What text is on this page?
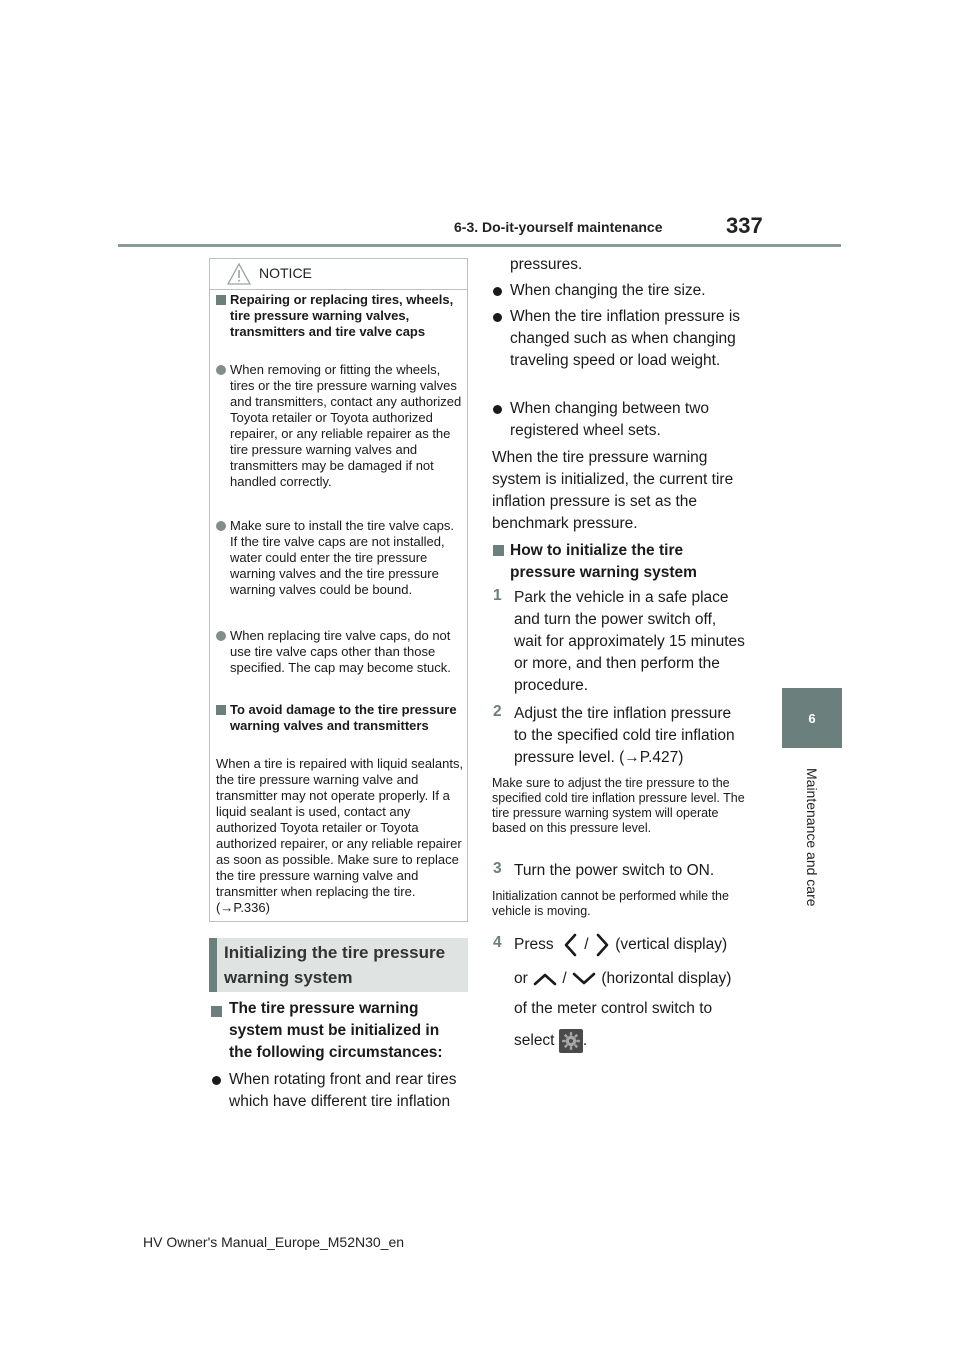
6-3. Do-it-yourself maintenance	337
6
Maintenance and care
NOTICE
Repairing or replacing tires, wheels, tire pressure warning valves, transmitters and tire valve caps
When removing or fitting the wheels, tires or the tire pressure warning valves and transmitters, contact any authorized Toyota retailer or Toyota authorized repairer, or any reliable repairer as the tire pressure warning valves and transmitters may be damaged if not handled correctly.
Make sure to install the tire valve caps. If the tire valve caps are not installed, water could enter the tire pressure warning valves and the tire pressure warning valves could be bound.
When replacing tire valve caps, do not use tire valve caps other than those specified. The cap may become stuck.
To avoid damage to the tire pressure warning valves and transmitters
When a tire is repaired with liquid sealants, the tire pressure warning valve and transmitter may not operate properly. If a liquid sealant is used, contact any authorized Toyota retailer or Toyota authorized repairer, or any reliable repairer as soon as possible. Make sure to replace the tire pressure warning valve and transmitter when replacing the tire. (→P.336)
Initializing the tire pressure warning system
The tire pressure warning system must be initialized in the following circumstances:
When rotating front and rear tires which have different tire inflation
pressures.
When changing the tire size.
When the tire inflation pressure is changed such as when changing traveling speed or load weight.
When changing between two registered wheel sets.
When the tire pressure warning system is initialized, the current tire inflation pressure is set as the benchmark pressure.
How to initialize the tire pressure warning system
1 Park the vehicle in a safe place and turn the power switch off, wait for approximately 15 minutes or more, and then perform the procedure.
2 Adjust the tire inflation pressure to the specified cold tire inflation pressure level. (→P.427)
Make sure to adjust the tire pressure to the specified cold tire inflation pressure level. The tire pressure warning system will operate based on this pressure level.
3 Turn the power switch to ON.
Initialization cannot be performed while the vehicle is moving.
4 Press / (vertical display)
or / (horizontal display)
of the meter control switch to
select .
HV Owner's Manual_Europe_M52N30_en
